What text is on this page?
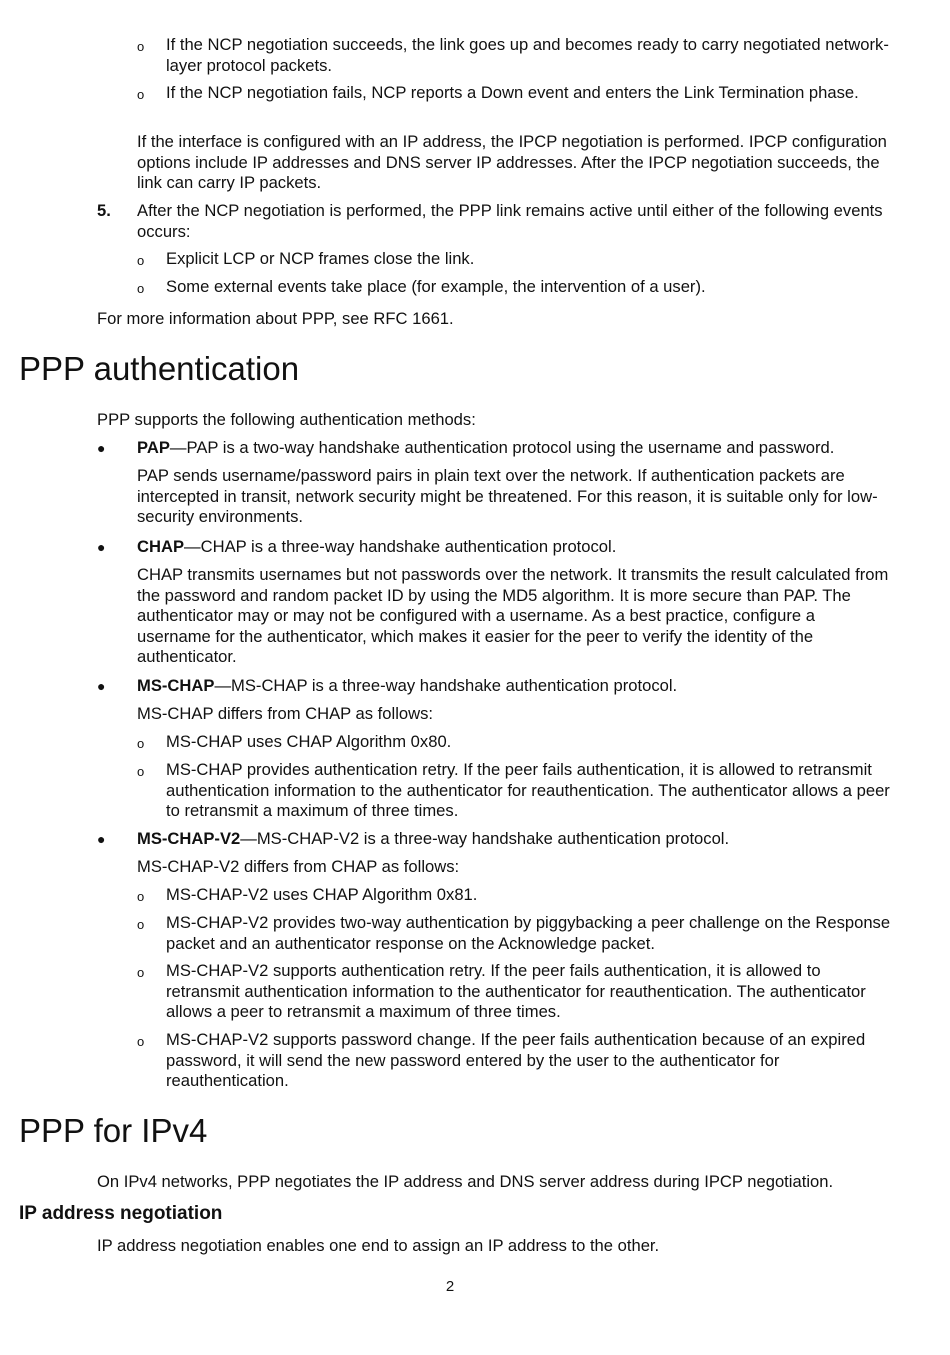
o If the NCP negotiation succeeds, the link goes up and becomes ready to carry negotiated network-layer protocol packets.
o If the NCP negotiation fails, NCP reports a Down event and enters the Link Termination phase.
If the interface is configured with an IP address, the IPCP negotiation is performed. IPCP configuration options include IP addresses and DNS server IP addresses. After the IPCP negotiation succeeds, the link can carry IP packets.
5. After the NCP negotiation is performed, the PPP link remains active until either of the following events occurs:
o Explicit LCP or NCP frames close the link.
o Some external events take place (for example, the intervention of a user).
For more information about PPP, see RFC 1661.
PPP authentication
PPP supports the following authentication methods:
● PAP—PAP is a two-way handshake authentication protocol using the username and password.
PAP sends username/password pairs in plain text over the network. If authentication packets are intercepted in transit, network security might be threatened. For this reason, it is suitable only for low-security environments.
● CHAP—CHAP is a three-way handshake authentication protocol.
CHAP transmits usernames but not passwords over the network. It transmits the result calculated from the password and random packet ID by using the MD5 algorithm. It is more secure than PAP. The authenticator may or may not be configured with a username. As a best practice, configure a username for the authenticator, which makes it easier for the peer to verify the identity of the authenticator.
● MS-CHAP—MS-CHAP is a three-way handshake authentication protocol.
MS-CHAP differs from CHAP as follows:
o MS-CHAP uses CHAP Algorithm 0x80.
o MS-CHAP provides authentication retry. If the peer fails authentication, it is allowed to retransmit authentication information to the authenticator for reauthentication. The authenticator allows a peer to retransmit a maximum of three times.
● MS-CHAP-V2—MS-CHAP-V2 is a three-way handshake authentication protocol.
MS-CHAP-V2 differs from CHAP as follows:
o MS-CHAP-V2 uses CHAP Algorithm 0x81.
o MS-CHAP-V2 provides two-way authentication by piggybacking a peer challenge on the Response packet and an authenticator response on the Acknowledge packet.
o MS-CHAP-V2 supports authentication retry. If the peer fails authentication, it is allowed to retransmit authentication information to the authenticator for reauthentication. The authenticator allows a peer to retransmit a maximum of three times.
o MS-CHAP-V2 supports password change. If the peer fails authentication because of an expired password, it will send the new password entered by the user to the authenticator for reauthentication.
PPP for IPv4
On IPv4 networks, PPP negotiates the IP address and DNS server address during IPCP negotiation.
IP address negotiation
IP address negotiation enables one end to assign an IP address to the other.
2
